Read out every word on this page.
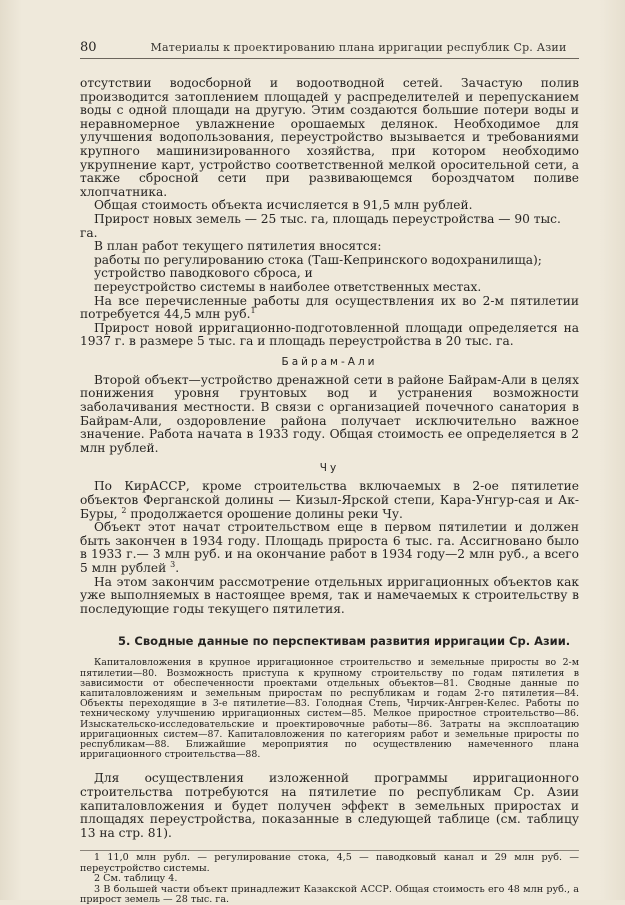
80	Материалы к проектированию плана ирригации республик Ср. Азии

отсутствии водосборной и водоотводной сетей. Зачастую полив производится затоплением площадей у распределителей и перепусканием воды с одной площади на другую. Этим создаются большие потери воды и неравномерное увлажнение орошаемых делянок. Необходимое для улучшения водопользования, переустройство вызывается и требованиями крупного машинизированного хозяйства, при котором необходимо укрупнение карт, устройство соответственной мелкой оросительной сети, а также сбросной сети при развивающемся бороздчатом поливе хлопчатника.

Общая стоимость объекта исчисляется в 91,5 млн рублей.

Прирост новых земель — 25 тыс. га, площадь переустройства — 90 тыс. га.

В план работ текущего пятилетия вносятся:

работы по регулированию стока (Таш-Кепринского водохранилища);

устройство паводкового сброса, и

переустройство системы в наиболее ответственных местах.

На все перечисленные работы для осуществления их во 2-м пятилетии потребуется 44,5 млн руб.$^1$

Прирост новой ирригационно-подготовленной площади определяется на 1937 г. в размере 5 тыс. га и площадь переустройства в 20 тыс. га.

Байрам-Али

Второй объект—устройство дренажной сети в районе Байрам-Али в целях понижения уровня грунтовых вод и устранения возможности заболачивания местности. В связи с организацией почечного санатория в Байрам-Али, оздоровление района получает исключительно важное значение. Работа начата в 1933 году. Общая стоимость ее определяется в 2 млн рублей.

Чу

По КирАССР, кроме строительства включаемых в 2-ое пятилетие объектов Ферганской долины — Кизыл-Ярской степи, Кара-Унгур-сая и Ак-Буры, $^2$ продолжается орошение долины реки Чу.

Объект этот начат строительством еще в первом пятилетии и должен быть закончен в 1934 году. Площадь прироста 6 тыс. га. Ассигновано было в 1933 г.— 3 млн руб. и на окончание работ в 1934 году—2 млн руб., а всего 5 млн рублей $^3$.

На этом закончим рассмотрение отдельных ирригационных объектов как уже выполняемых в настоящее время, так и намечаемых к строительству в последующие годы текущего пятилетия.

5. Сводные данные по перспективам развития ирригации Ср. Азии.

Капиталовложения в крупное ирригационное строительство и земельные приросты во 2-м пятилетии—80. Возможность приступа к крупному строительству по годам пятилетия в зависимости от обеспеченности проектами отдельных объектов—81. Сводные данные по капиталовложениям и земельным приростам по республикам и годам 2-го пятилетия—84. Объекты переходящие в 3-е пятилетие—83. Голодная Степь, Чирчик-Ангрен-Келес. Работы по техническому улучшению ирригационных систем—85. Мелкое приростное строительство—86. Изыскательско-исследовательские и проектировочные работы—86. Затраты на эксплоатацию ирригационных систем—87. Капиталовложения по категориям работ и земельные приросты по республикам—88. Ближайшие мероприятия по осуществлению намеченного плана ирригационного строительства—88.

Для осуществления изложенной программы ирригационного строительства потребуются на пятилетие по республикам Ср. Азии капиталовложения и будет получен эффект в земельных приростах и площадях переустройства, показанные в следующей таблице (см. таблицу 13 на стр. 81).

1 11,0 млн рубл. — регулирование стока, 4,5 — паводковый канал и 29 млн руб. — переустройство системы.

2 См. таблицу 4.

3 В большей части объект принадлежит Казакской АССР. Общая стоимость его 48 млн руб., а прирост земель — 28 тыс. га.
